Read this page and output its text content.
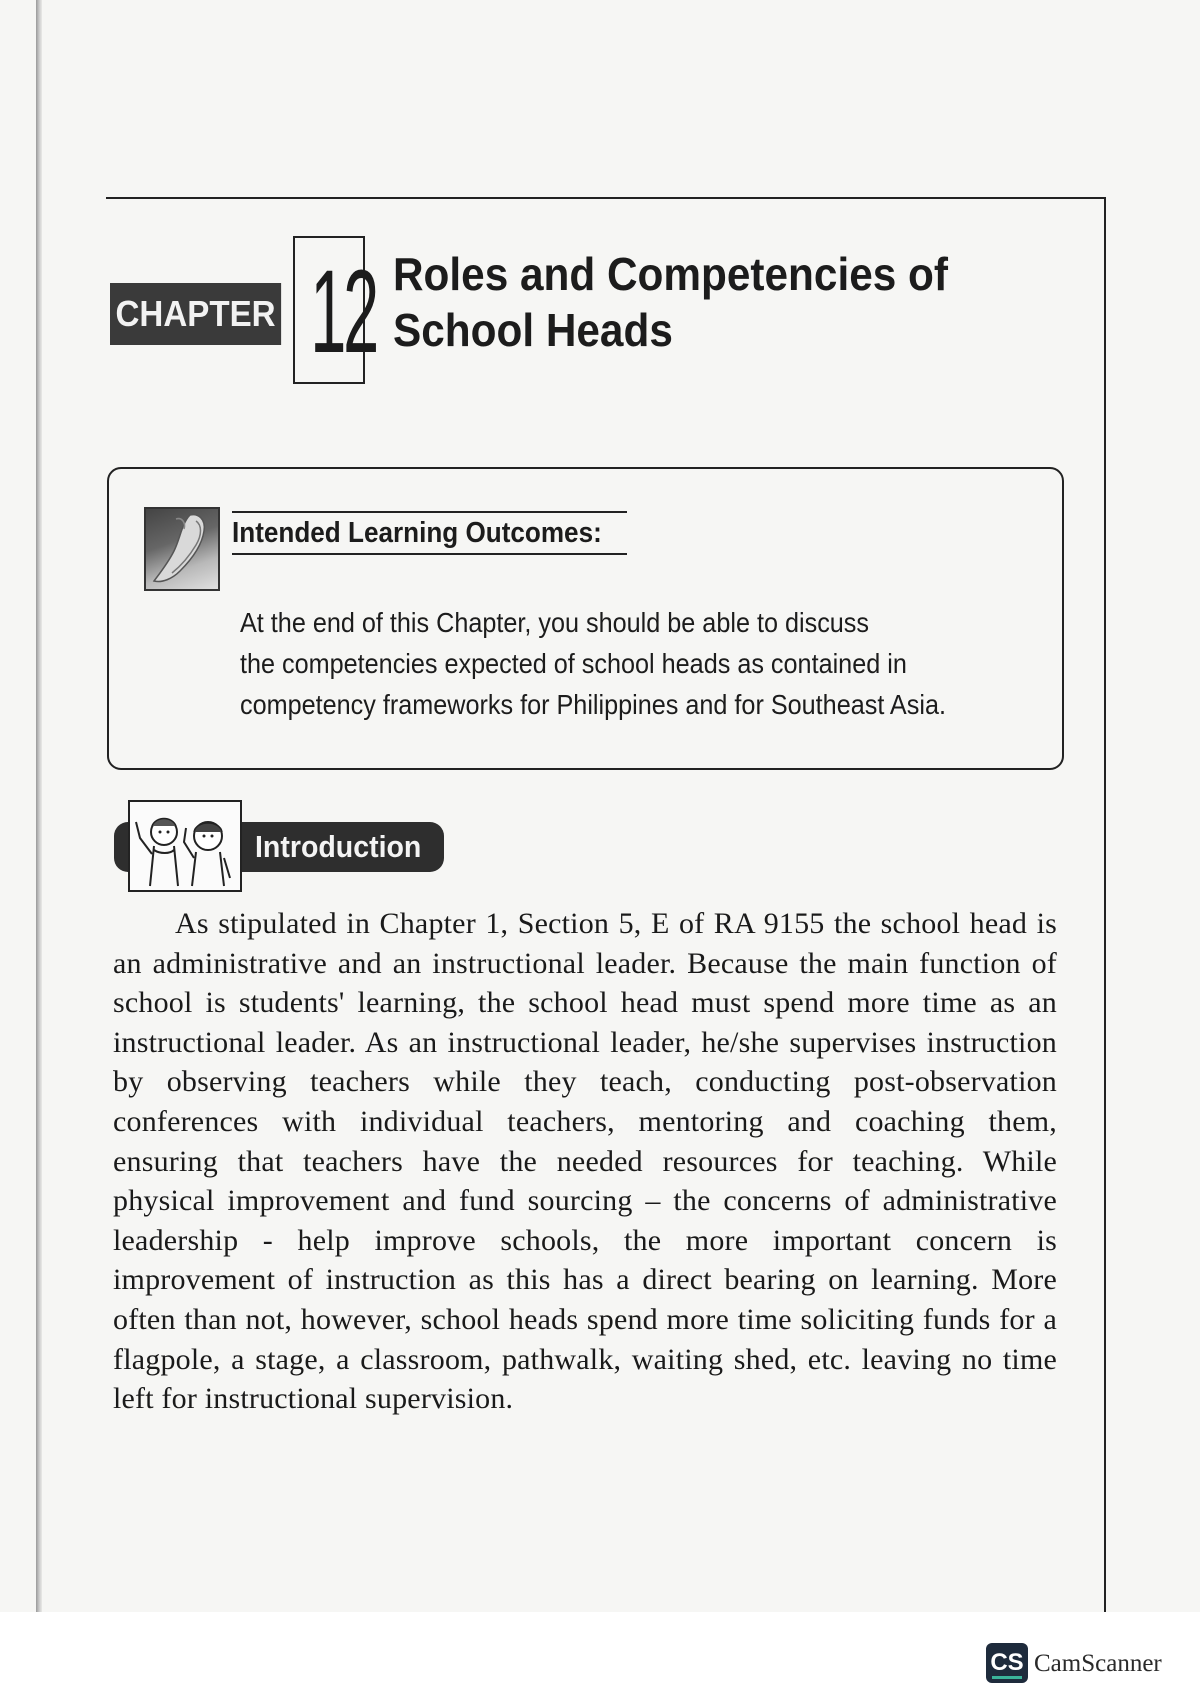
CHAPTER 12 Roles and Competencies of
School Heads
Intended Learning Outcomes:
At the end of this Chapter, you should be able to discuss
the competencies expected of school heads as contained in
competency frameworks for Philippines and for Southeast Asia.
Introduction
As stipulated in Chapter 1, Section 5, E of RA 9155 the school head is an administrative and an instructional leader. Because the main function of school is students' learning, the school head must spend more time as an instructional leader. As an instructional leader, he/she supervises instruction by observing teachers while they teach, conducting post-observation conferences with individual teachers, mentoring and coaching them, ensuring that teachers have the needed resources for teaching. While physical improvement and fund sourcing – the concerns of administrative leadership - help improve schools, the more important concern is improvement of instruction as this has a direct bearing on learning. More often than not, however, school heads spend more time soliciting funds for a flagpole, a stage, a classroom, pathwalk, waiting shed, etc. leaving no time left for instructional supervision.
CS CamScanner
